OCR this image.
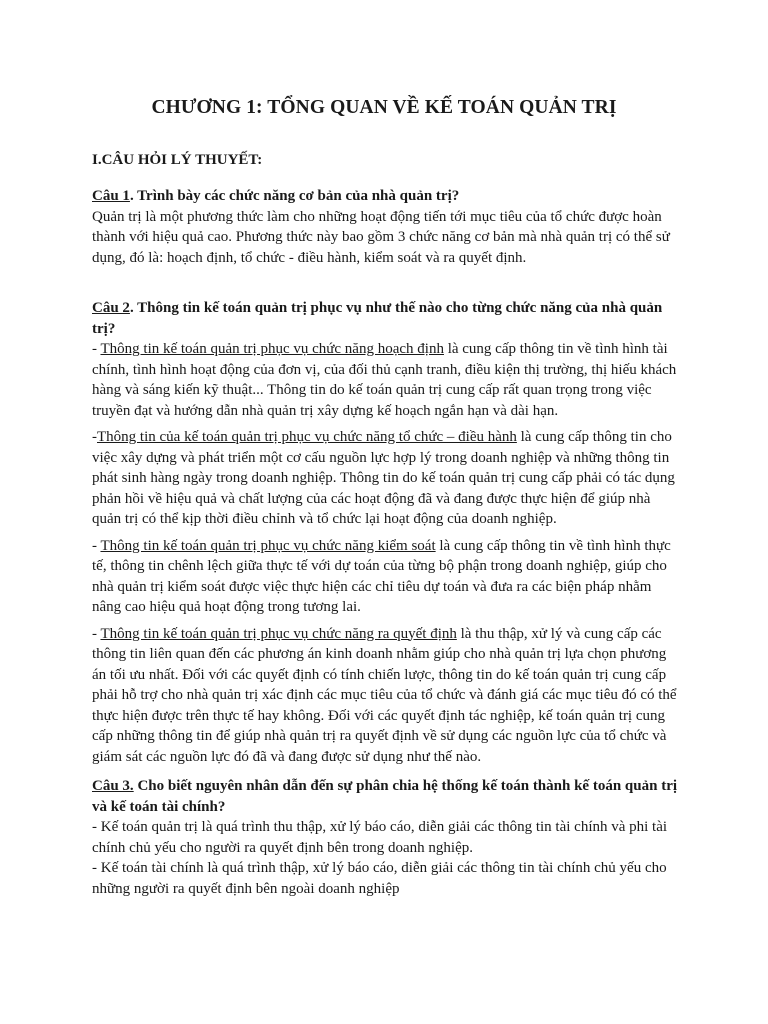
CHƯƠNG 1: TỔNG QUAN VỀ KẾ TOÁN QUẢN TRỊ
I.CÂU HỎI LÝ THUYẾT:

Câu 1. Trình bày các chức năng cơ bản của nhà quản trị?

Quản trị là một phương thức làm cho những hoạt động tiến tới mục tiêu của tổ chức được hoàn thành với hiệu quả cao. Phương thức này bao gồm 3 chức năng cơ bản mà nhà quản trị có thể sử dụng, đó là: hoạch định, tổ chức - điều hành, kiểm soát và ra quyết định.

Câu 2. Thông tin kế toán quản trị phục vụ như thế nào cho từng chức năng của nhà quản trị?

- Thông tin kế toán quản trị phục vụ chức năng hoạch định là cung cấp thông tin về tình hình tài chính, tình hình hoạt động của đơn vị, của đối thủ cạnh tranh, điều kiện thị trường, thị hiếu khách hàng và sáng kiến kỹ thuật... Thông tin do kế toán quản trị cung cấp rất quan trọng trong việc truyền đạt và hướng dẫn nhà quản trị xây dựng kế hoạch ngắn hạn và dài hạn.

-Thông tin của kế toán quản trị phục vụ chức năng tổ chức – điều hành là cung cấp thông tin cho việc xây dựng và phát triển một cơ cấu nguồn lực hợp lý trong doanh nghiệp và những thông tin phát sinh hàng ngày trong doanh nghiệp. Thông tin do kế toán quản trị cung cấp phải có tác dụng phản hồi về hiệu quả và chất lượng của các hoạt động đã và đang được thực hiện để giúp nhà quản trị có thể kịp thời điều chỉnh và tổ chức lại hoạt động của doanh nghiệp.

- Thông tin kế toán quản trị phục vụ chức năng kiểm soát là cung cấp thông tin về tình hình thực tế, thông tin chênh lệch giữa thực tế với dự toán của từng bộ phận trong doanh nghiệp, giúp cho nhà quản trị kiểm soát được việc thực hiện các chỉ tiêu dự toán và đưa ra các biện pháp nhằm nâng cao hiệu quả hoạt động trong tương lai.

- Thông tin kế toán quản trị phục vụ chức năng ra quyết định là thu thập, xử lý và cung cấp các thông tin liên quan đến các phương án kinh doanh nhằm giúp cho nhà quản trị lựa chọn phương án tối ưu nhất. Đối với các quyết định có tính chiến lược, thông tin do kế toán quản trị cung cấp phải hỗ trợ cho nhà quản trị xác định các mục tiêu của tổ chức và đánh giá các mục tiêu đó có thể thực hiện được trên thực tế hay không. Đối với các quyết định tác nghiệp, kế toán quản trị cung cấp những thông tin để giúp nhà quản trị ra quyết định về sử dụng các nguồn lực của tổ chức và giám sát các nguồn lực đó đã và đang được sử dụng như thế nào.

Câu 3. Cho biết nguyên nhân dẫn đến sự phân chia hệ thống kế toán thành kế toán quản trị và kế toán tài chính?

- Kế toán quản trị là quá trình thu thập, xử lý báo cáo, diễn giải các thông tin tài chính và phi tài chính chủ yếu cho người ra quyết định bên trong doanh nghiệp.

- Kế toán tài chính là quá trình thập, xử lý báo cáo, diễn giải các thông tin tài chính chủ yếu cho những người ra quyết định bên ngoài doanh nghiệp
